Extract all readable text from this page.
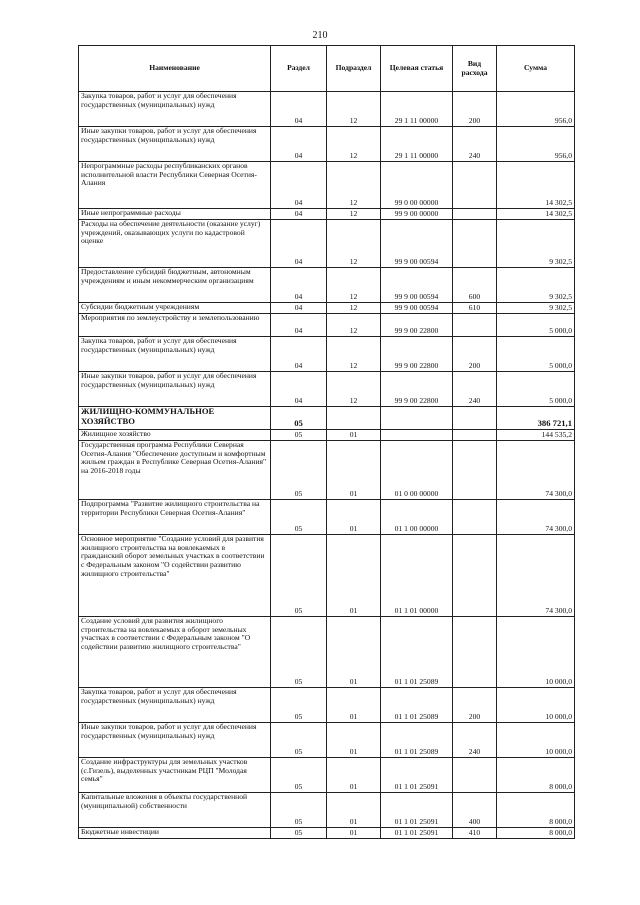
210
Наименование	Раздел	Подраздел	Целевая статья	Вид расхода	Сумма
Закупка товаров, работ и услуг для обеспечения государственных (муниципальных) нужд	04	12	29 1 11 00000	200	956,0
Иные закупки товаров, работ и услуг для обеспечения государственных (муниципальных) нужд	04	12	29 1 11 00000	240	956,0
Непрограммные расходы республиканских органов исполнительной власти Республики Северная Осетия-Алания	04	12	99 0 00 00000		14 302,5
Иные непрограммные расходы	04	12	99 9 00 00000		14 302,5
Расходы на обеспечение деятельности (оказание услуг) учреждений, оказывающих услуги по кадастровой оценке	04	12	99 9 00 00594		9 302,5
Предоставление субсидий бюджетным, автономным учреждениям и иным некоммерческим организациям	04	12	99 9 00 00594	600	9 302,5
Субсидии бюджетным учреждениям	04	12	99 9 00 00594	610	9 302,5
Мероприятия по землеустройству и землепользованию	04	12	99 9 00 22800		5 000,0
Закупка товаров, работ и услуг для обеспечения государственных (муниципальных) нужд	04	12	99 9 00 22800	200	5 000,0
Иные закупки товаров, работ и услуг для обеспечения государственных (муниципальных) нужд	04	12	99 9 00 22800	240	5 000,0
ЖИЛИЩНО-КОММУНАЛЬНОЕ ХОЗЯЙСТВО	05				386 721,1
Жилищное хозяйство	05	01			144 535,2
Государственная программа Республики Северная Осетия-Алания "Обеспечение доступным и комфортным жильем граждан в Республике Северная Осетия-Алания" на 2016-2018 годы	05	01	01 0 00 00000		74 300,0
Подпрограмма "Развитие жилищного строительства на территории Республики Северная Осетия-Алания"	05	01	01 1 00 00000		74 300,0
Основное мероприятие "Создание условий для развития жилищного строительства на вовлекаемых в гражданский оборот земельных участках в соответствии с Федеральным законом "О содействии развитию жилищного строительства"	05	01	01 1 01 00000		74 300,0
Создание условий для развития жилищного строительства на вовлекаемых в оборот земельных участках в соответствии с Федеральным законом "О содействии развитию жилищного строительства"	05	01	01 1 01 25089		10 000,0
Закупка товаров, работ и услуг для обеспечения государственных (муниципальных) нужд	05	01	01 1 01 25089	200	10 000,0
Иные закупки товаров, работ и услуг для обеспечения государственных (муниципальных) нужд	05	01	01 1 01 25089	240	10 000,0
Создание инфраструктуры для земельных участков (с.Гизель), выделенных участникам РЦП "Молодая семья"	05	01	01 1 01 25091		8 000,0
Капитальные вложения в объекты государственной (муниципальной) собственности	05	01	01 1 01 25091	400	8 000,0
Бюджетные инвестиции	05	01	01 1 01 25091	410	8 000,0
